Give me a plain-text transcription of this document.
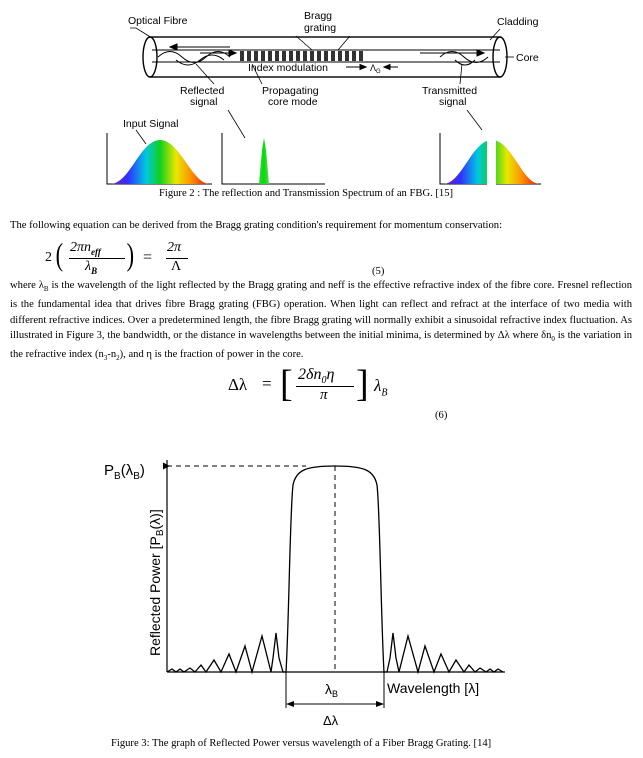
Optical Fibre	Bragg
grating	Cladding
Core
Index modulation	$\Lambda_G$
Reflected
signal
Propagating
core mode
Transmitted
signal
Input Signal
Figure 2 : The reflection and Transmission Spectrum of an FBG. [15]
The following equation can be derived from the Bragg grating condition's requirement for momentum conservation:
2 ( $2\pi n_{eff}$
$\lambda_B$ ) =
2π
Λ	(5)
where $\lambda_B$ is the wavelength of the light reflected by the Bragg grating and neff is the effective refractive index of the fibre core. Fresnel reflection is the fundamental idea that drives fibre Bragg grating (FBG) operation. When light can reflect and refract at the interface of two media with different refractive indices. Over a predetermined length, the fibre Bragg grating will normally exhibit a sinusoidal refractive index fluctuation. As illustrated in Figure 3, the bandwidth, or the distance in wavelengths between the initial minima, is determined by Δλ where $\delta n_0$ is the variation in the refractive index $(n_3-n_2)$, and η is the fraction of power in the core.
Δλ = [ $2\delta n_0\eta$
π ] $\lambda_B$
(6)
$P_B(\lambda_B)$
Reflected Power $[P_B(\lambda)]$
Wavelength [λ]
$\lambda_B$
Δλ
Figure 3: The graph of Reflected Power versus wavelength of a Fiber Bragg Grating. [14]
